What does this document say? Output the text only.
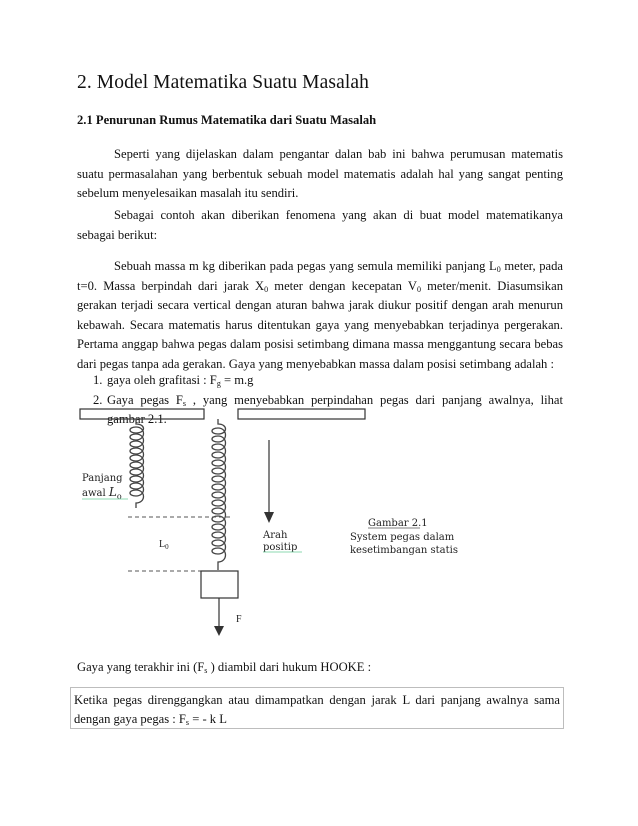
2. Model Matematika Suatu Masalah
2.1 Penurunan Rumus Matematika dari Suatu Masalah

Seperti yang dijelaskan dalam pengantar dalan bab ini bahwa perumusan matematis suatu permasalahan yang berbentuk sebuah model matematis adalah hal yang sangat penting sebelum menyelesaikan masalah itu sendiri.

Sebagai contoh akan diberikan fenomena yang akan di buat model matematikanya sebagai berikut:

Sebuah massa m kg diberikan pada pegas yang semula memiliki panjang $L_0$ meter, pada t=0. Massa berpindah dari jarak $X_0$ meter dengan kecepatan $V_0$ meter/menit. Diasumsikan gerakan terjadi secara vertical dengan aturan bahwa jarak diukur positif dengan arah menurun kebawah. Secara matematis harus ditentukan gaya yang menyebabkan terjadinya pergerakan. Pertama anggap bahwa pegas dalam posisi setimbang dimana massa menggantung secara bebas dari pegas tanpa ada gerakan. Gaya yang menyebabkan massa dalam posisi setimbang adalah :

1. gaya oleh grafitasi : $F_g = m.g$
2. Gaya pegas $F_s$ , yang menyebabkan perpindahan pegas dari panjang awalnya, lihat gambar 2.1.
Panjang
awal $L_o$
$L_0$
Arah
positip
F
Gambar 2.1
System pegas dalam
kesetimbangan statis

Gaya yang terakhir ini ($F_s$ ) diambil dari hukum HOOKE :

Ketika pegas direnggangkan atau dimampatkan dengan jarak L dari panjang awalnya sama dengan gaya pegas : $F_s$ = - k L
